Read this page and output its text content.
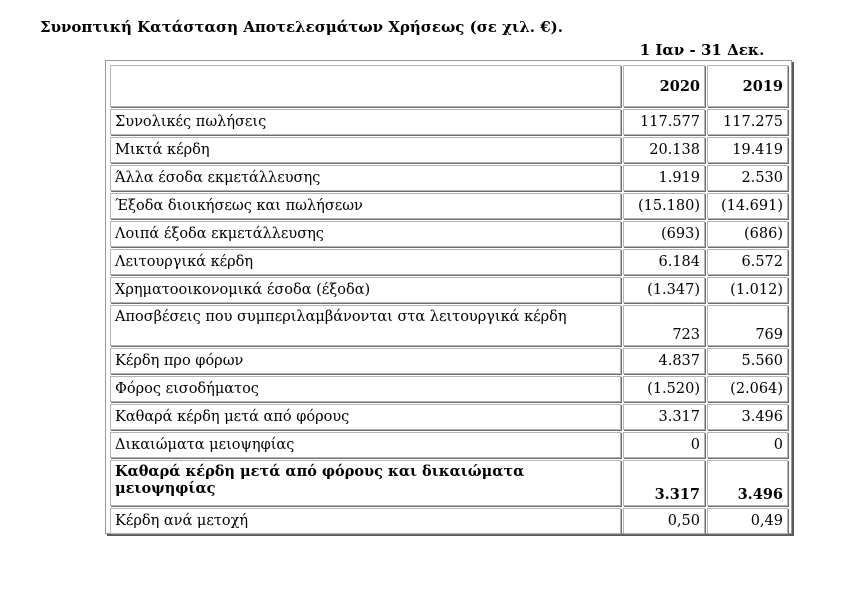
Συνοπτική Κατάσταση Αποτελεσμάτων Χρήσεως (σε χιλ. €).
1 Ιαν - 31 Δεκ.
	2020	2019
Συνολικές πωλήσεις	117.577	117.275
Μικτά κέρδη	20.138	19.419
Άλλα έσοδα εκμετάλλευσης	1.919	2.530
Έξοδα διοικήσεως και πωλήσεων	(15.180)	(14.691)
Λοιπά έξοδα εκμετάλλευσης	(693)	(686)
Λειτουργικά κέρδη	6.184	6.572
Χρηματοοικονομικά έσοδα (έξοδα)	(1.347)	(1.012)
Αποσβέσεις που συμπεριλαμβάνονται στα λειτουργικά κέρδη	723	769
Κέρδη προ φόρων	4.837	5.560
Φόρος εισοδήματος	(1.520)	(2.064)
Καθαρά κέρδη μετά από φόρους	3.317	3.496
Δικαιώματα μειοψηφίας	0	0
Καθαρά κέρδη μετά από φόρους και δικαιώματα μειοψηφίας	3.317	3.496
Κέρδη ανά μετοχή	0,50	0,49
